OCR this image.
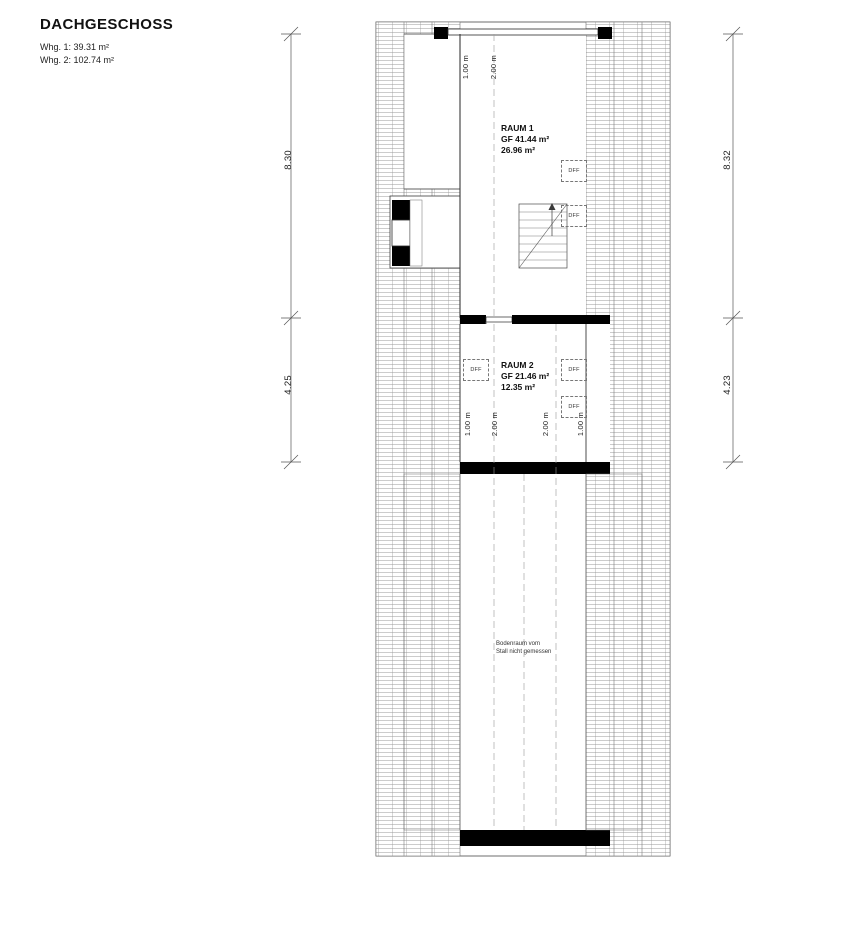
DACHGESCHOSS
Whg. 1: 39.31 m²
Whg. 2: 102.74 m²
8.30
4.25
8.32
4.23
1.00 m	2.00 m
1.00 m 2.00 m	2.00 m	1.00 m
RAUM 1
GF 41.44 m²
26.96 m²
RAUM 2
GF 21.46 m²
12.35 m²
DFF
DFF
DFF	DFF
DFF
Bodenraum vom
Stall nicht gemessen
